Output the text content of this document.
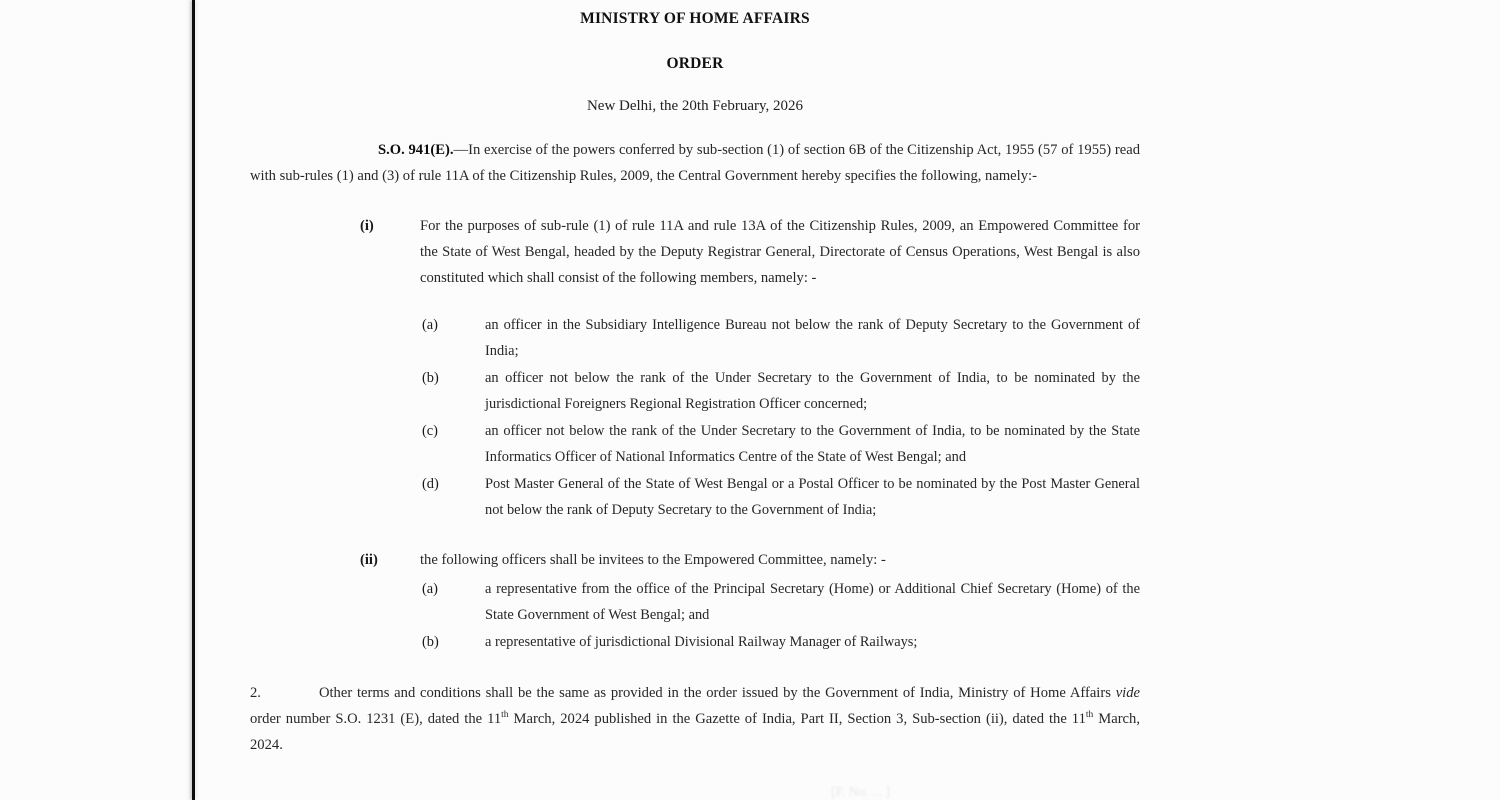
MINISTRY OF HOME AFFAIRS
ORDER
New Delhi, the 20th February, 2026

S.O. 941(E).—In exercise of the powers conferred by sub-section (1) of section 6B of the Citizenship Act, 1955 (57 of 1955) read with sub-rules (1) and (3) of rule 11A of the Citizenship Rules, 2009, the Central Government hereby specifies the following, namely:-

(i)	For the purposes of sub-rule (1) of rule 11A and rule 13A of the Citizenship Rules, 2009, an Empowered Committee for the State of West Bengal, headed by the Deputy Registrar General, Directorate of Census Operations, West Bengal is also constituted which shall consist of the following members, namely: -
(a)	an officer in the Subsidiary Intelligence Bureau not below the rank of Deputy Secretary to the Government of India;
(b)	an officer not below the rank of the Under Secretary to the Government of India, to be nominated by the jurisdictional Foreigners Regional Registration Officer concerned;
(c)	an officer not below the rank of the Under Secretary to the Government of India, to be nominated by the State Informatics Officer of National Informatics Centre of the State of West Bengal; and
(d)	Post Master General of the State of West Bengal or a Postal Officer to be nominated by the Post Master General not below the rank of Deputy Secretary to the Government of India;
(ii)	the following officers shall be invitees to the Empowered Committee, namely: -
(a)	a representative from the office of the Principal Secretary (Home) or Additional Chief Secretary (Home) of the State Government of West Bengal; and
(b)	a representative of jurisdictional Divisional Railway Manager of Railways;

2.	Other terms and conditions shall be the same as provided in the order issued by the Government of India, Ministry of Home Affairs vide order number S.O. 1231 (E), dated the 11th March, 2024 published in the Gazette of India, Part II, Section 3, Sub-section (ii), dated the 11th March, 2024.

[F. No. ... ]
